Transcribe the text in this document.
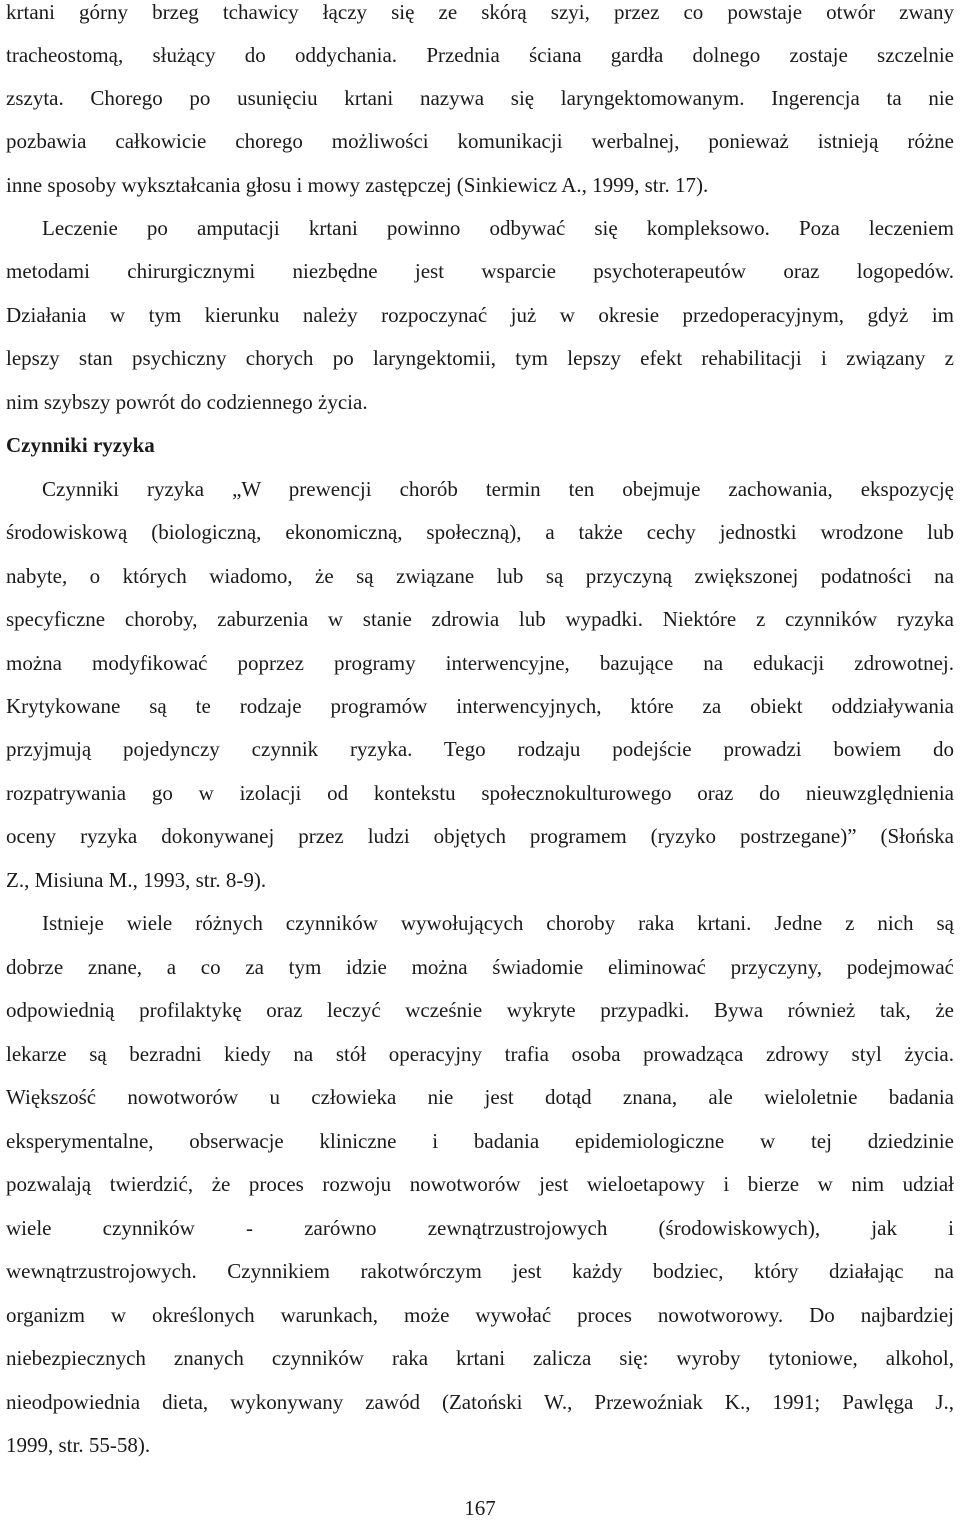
krtani górny brzeg tchawicy łączy się ze skórą szyi, przez co powstaje otwór zwany
tracheostomą, służący do oddychania. Przednia ściana gardła dolnego zostaje szczelnie
zszyta. Chorego po usunięciu krtani nazywa się laryngektomowanym. Ingerencja ta nie
pozbawia całkowicie chorego możliwości komunikacji werbalnej, ponieważ istnieją różne
inne sposoby wykształcania głosu i mowy zastępczej (Sinkiewicz A., 1999, str. 17).
Leczenie po amputacji krtani powinno odbywać się kompleksowo. Poza leczeniem
metodami chirurgicznymi niezbędne jest wsparcie psychoterapeutów oraz logopedów.
Działania w tym kierunku należy rozpoczynać już w okresie przedoperacyjnym, gdyż im
lepszy stan psychiczny chorych po laryngektomii, tym lepszy efekt rehabilitacji i związany z
nim szybszy powrót do codziennego życia.
Czynniki ryzyka
Czynniki ryzyka „W prewencji chorób termin ten obejmuje zachowania, ekspozycję
środowiskową (biologiczną, ekonomiczną, społeczną), a także cechy jednostki wrodzone lub
nabyte, o których wiadomo, że są związane lub są przyczyną zwiększonej podatności na
specyficzne choroby, zaburzenia w stanie zdrowia lub wypadki. Niektóre z czynników ryzyka
można modyfikować poprzez programy interwencyjne, bazujące na edukacji zdrowotnej.
Krytykowane są te rodzaje programów interwencyjnych, które za obiekt oddziaływania
przyjmują pojedynczy czynnik ryzyka. Tego rodzaju podejście prowadzi bowiem do
rozpatrywania go w izolacji od kontekstu społecznokulturowego oraz do nieuwzględnienia
oceny ryzyka dokonywanej przez ludzi objętych programem (ryzyko postrzegane)” (Słońska
Z., Misiuna M., 1993, str. 8-9).
Istnieje wiele różnych czynników wywołujących choroby raka krtani. Jedne z nich są
dobrze znane, a co za tym idzie można świadomie eliminować przyczyny, podejmować
odpowiednią profilaktykę oraz leczyć wcześnie wykryte przypadki. Bywa również tak, że
lekarze są bezradni kiedy na stół operacyjny trafia osoba prowadząca zdrowy styl życia.
Większość nowotworów u człowieka nie jest dotąd znana, ale wieloletnie badania
eksperymentalne, obserwacje kliniczne i badania epidemiologiczne w tej dziedzinie
pozwalają twierdzić, że proces rozwoju nowotworów jest wieloetapowy i bierze w nim udział
wiele czynników - zarówno zewnątrzustrojowych (środowiskowych), jak i
wewnątrzustrojowych. Czynnikiem rakotwórczym jest każdy bodziec, który działając na
organizm w określonych warunkach, może wywołać proces nowotworowy. Do najbardziej
niebezpiecznych znanych czynników raka krtani zalicza się: wyroby tytoniowe, alkohol,
nieodpowiednia dieta, wykonywany zawód (Zatoński W., Przewoźniak K., 1991; Pawlęga J.,
1999, str. 55-58).
167
